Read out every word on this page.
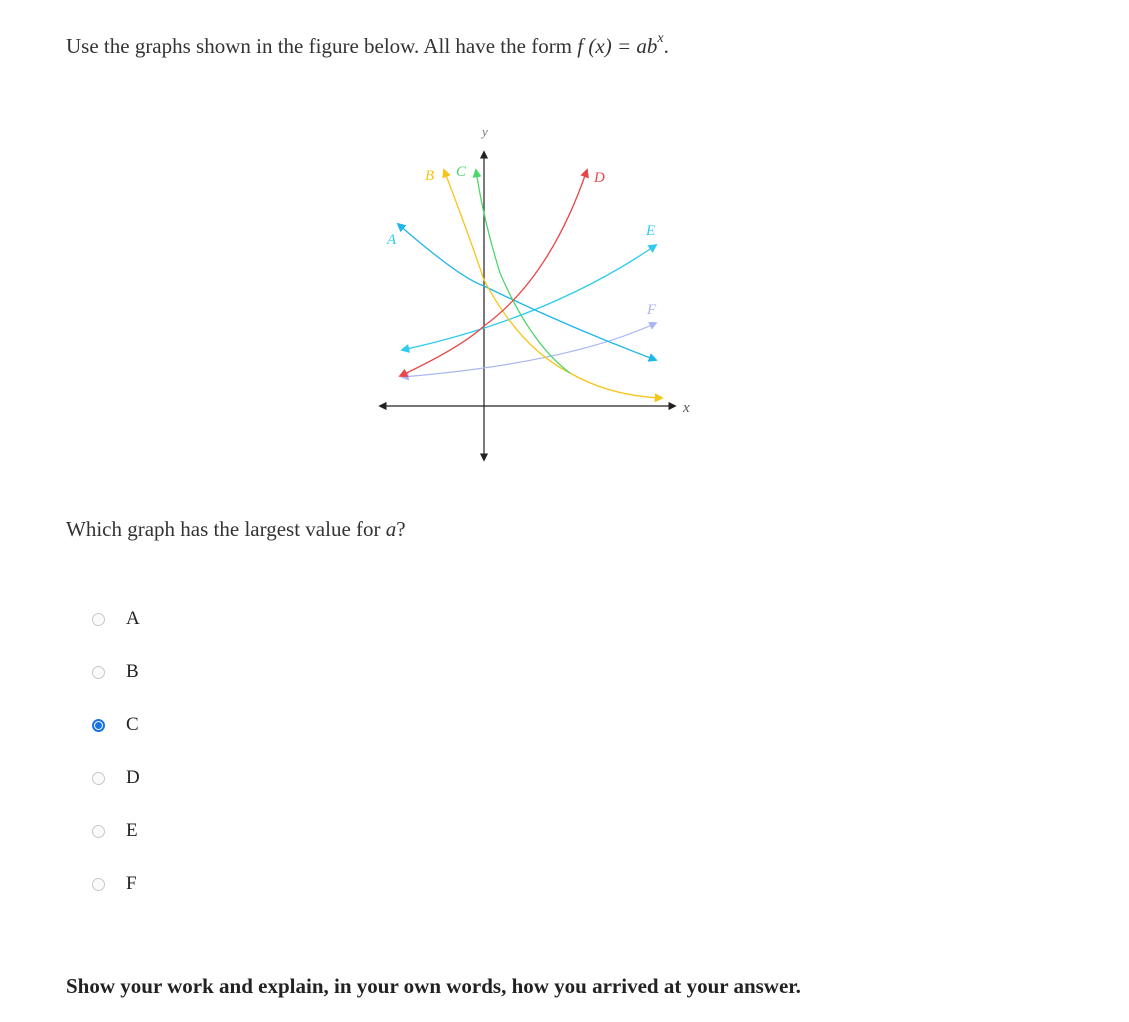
Use the graphs shown in the figure below. All have the form f $(x) = ab^x$.
x
y
A
B C	D
E
F
Which graph has the largest value for a?
A
B
C
D
E
F
Show your work and explain, in your own words, how you arrived at your answer.
